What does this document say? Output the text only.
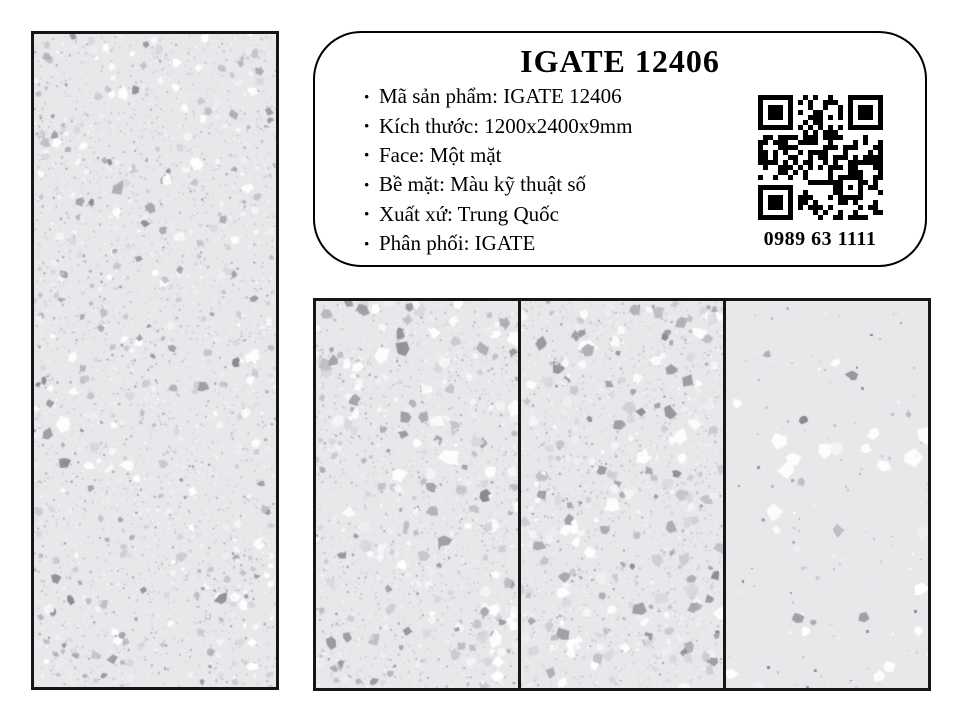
IGATE 12406
· Mã sản phẩm: IGATE 12406
· Kích thước: 1200x2400x9mm
· Face: Một mặt
· Bề mặt: Màu kỹ thuật số
· Xuất xứ: Trung Quốc
· Phân phối: IGATE	0989 63 1111
